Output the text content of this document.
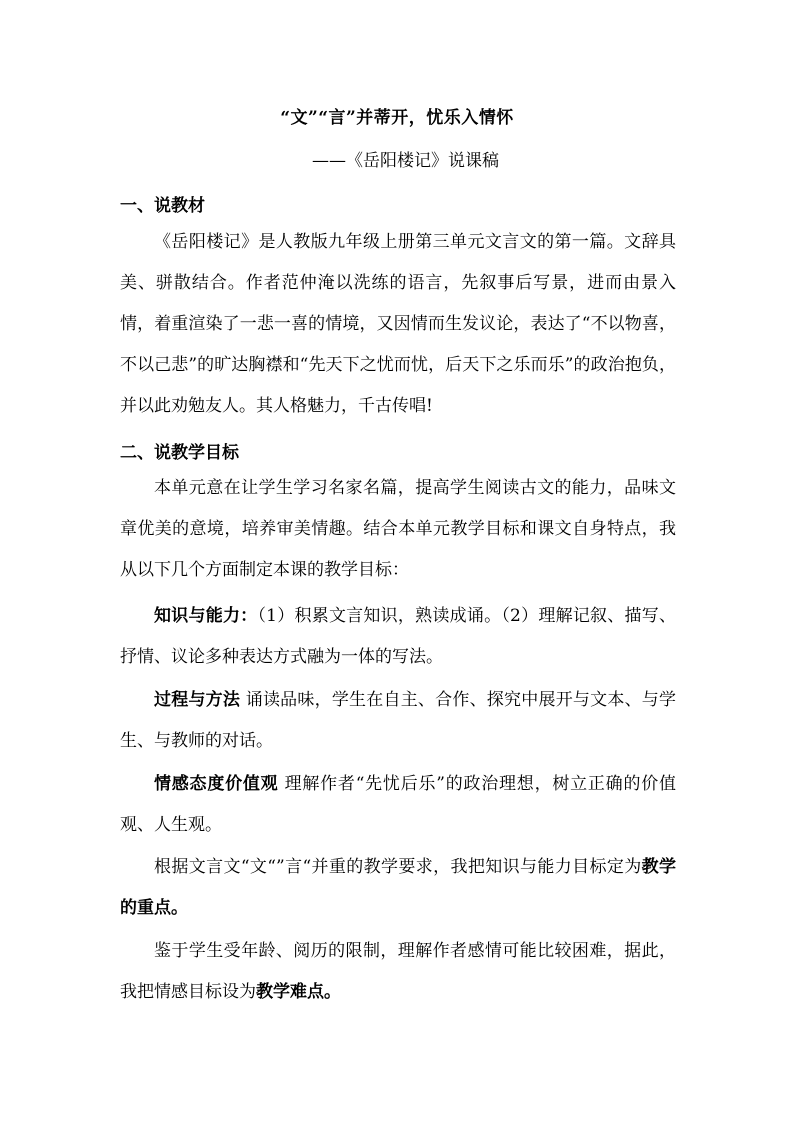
“文”“言”并蒂开，忧乐入情怀
——《岳阳楼记》说课稿
一、说教材
《岳阳楼记》是人教版九年级上册第三单元文言文的第一篇。文辞具美、骈散结合。作者范仲淹以洗练的语言，先叙事后写景，进而由景入情，着重渲染了一悲一喜的情境，又因情而生发议论，表达了“不以物喜，不以己悲”的旷达胸襟和“先天下之忧而忧，后天下之乐而乐”的政治抱负，并以此劝勉友人。其人格魅力，千古传唱!
二、说教学目标
本单元意在让学生学习名家名篇，提高学生阅读古文的能力，品味文章优美的意境，培养审美情趣。结合本单元教学目标和课文自身特点，我从以下几个方面制定本课的教学目标：
知识与能力：（1）积累文言知识，熟读成诵。（2）理解记叙、描写、抒情、议论多种表达方式融为一体的写法。
过程与方法 诵读品味，学生在自主、合作、探究中展开与文本、与学生、与教师的对话。
情感态度价值观 理解作者“先忧后乐”的政治理想，树立正确的价值观、人生观。
根据文言文“文“”言“并重的教学要求，我把知识与能力目标定为教学的重点。
鉴于学生受年龄、阅历的限制，理解作者感情可能比较困难，据此，我把情感目标设为教学难点。
